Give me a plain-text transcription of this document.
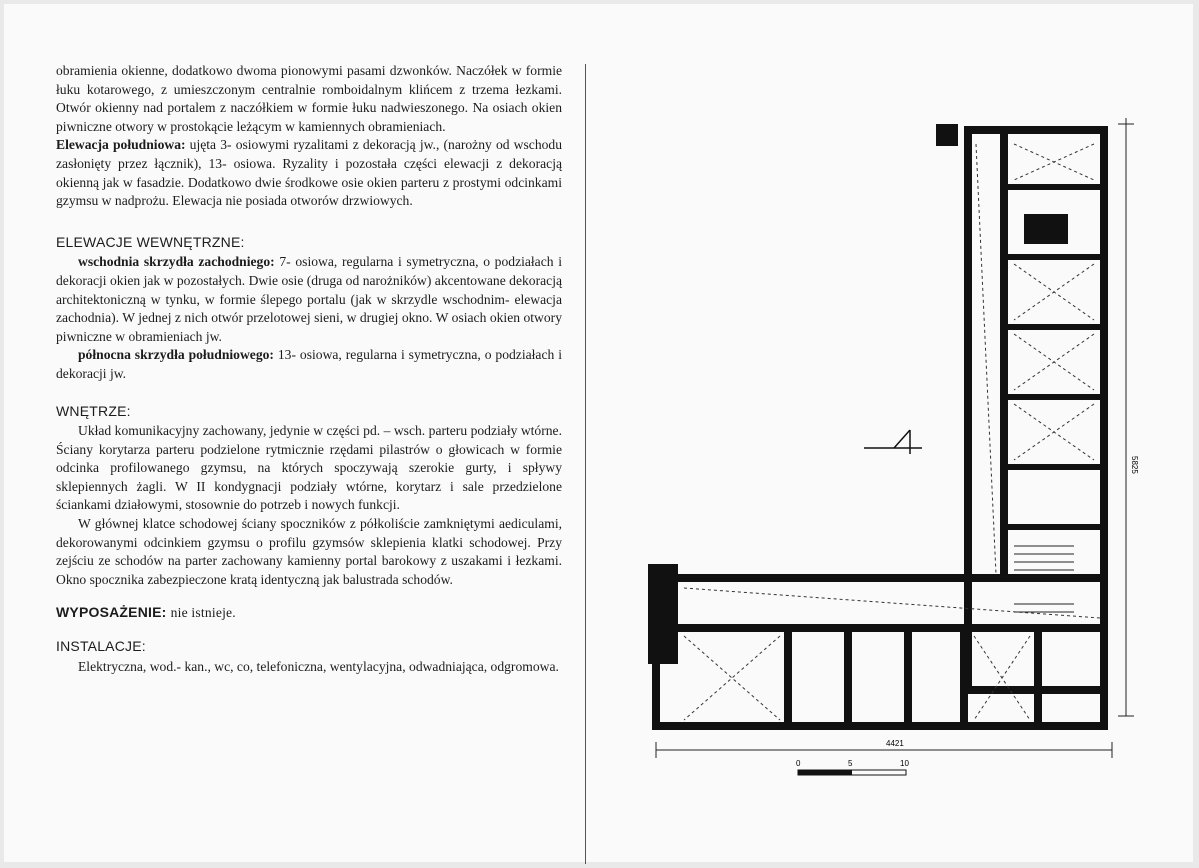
obramienia okienne, dodatkowo dwoma pionowymi pasami dzwonków. Naczółek w formie łuku kotarowego, z umieszczonym centralnie romboidalnym klińcem z trzema łezkami. Otwór okienny nad portalem z naczółkiem w formie łuku nadwieszonego. Na osiach okien piwniczne otwory w prostokącie leżącym w kamiennych obramieniach.

Elewacja południowa: ujęta 3- osiowymi ryzalitami z dekoracją jw., (narożny od wschodu zasłonięty przez łącznik), 13- osiowa. Ryzality i pozostała części elewacji z dekoracją okienną jak w fasadzie. Dodatkowo dwie środkowe osie okien parteru z prostymi odcinkami gzymsu w nadprożu. Elewacja nie posiada otworów drzwiowych.

ELEWACJE WEWNĘTRZNE:

wschodnia skrzydła zachodniego: 7- osiowa, regularna i symetryczna, o podziałach i dekoracji okien jak w pozostałych. Dwie osie (druga od narożników) akcentowane dekoracją architektoniczną w tynku, w formie ślepego portalu (jak w skrzydle wschodnim- elewacja zachodnia). W jednej z nich otwór przelotowej sieni, w drugiej okno. W osiach okien otwory piwniczne w obramieniach jw.

północna skrzydła południowego: 13- osiowa, regularna i symetryczna, o podziałach i dekoracji jw.

WNĘTRZE:

Układ komunikacyjny zachowany, jedynie w części pd. – wsch. parteru podziały wtórne. Ściany korytarza parteru podzielone rytmicznie rzędami pilastrów o głowicach w formie odcinka profilowanego gzymsu, na których spoczywają szerokie gurty, i spływy sklepiennych żagli. W II kondygnacji podziały wtórne, korytarz i sale przedzielone ściankami działowymi, stosownie do potrzeb i nowych funkcji.

W głównej klatce schodowej ściany spoczników z półkoliście zamkniętymi aediculami, dekorowanymi odcinkiem gzymsu o profilu gzymsów sklepienia klatki schodowej. Przy zejściu ze schodów na parter zachowany kamienny portal barokowy z uszakami i łezkami. Okno spocznika zabezpieczone kratą identyczną jak balustrada schodów.

WYPOSAŻENIE: nie istnieje.
INSTALACJE:

Elektryczna, wod.- kan., wc, co, telefoniczna, wentylacyjna, odwadniająca, odgromowa.

5825
4421
0	5	10
